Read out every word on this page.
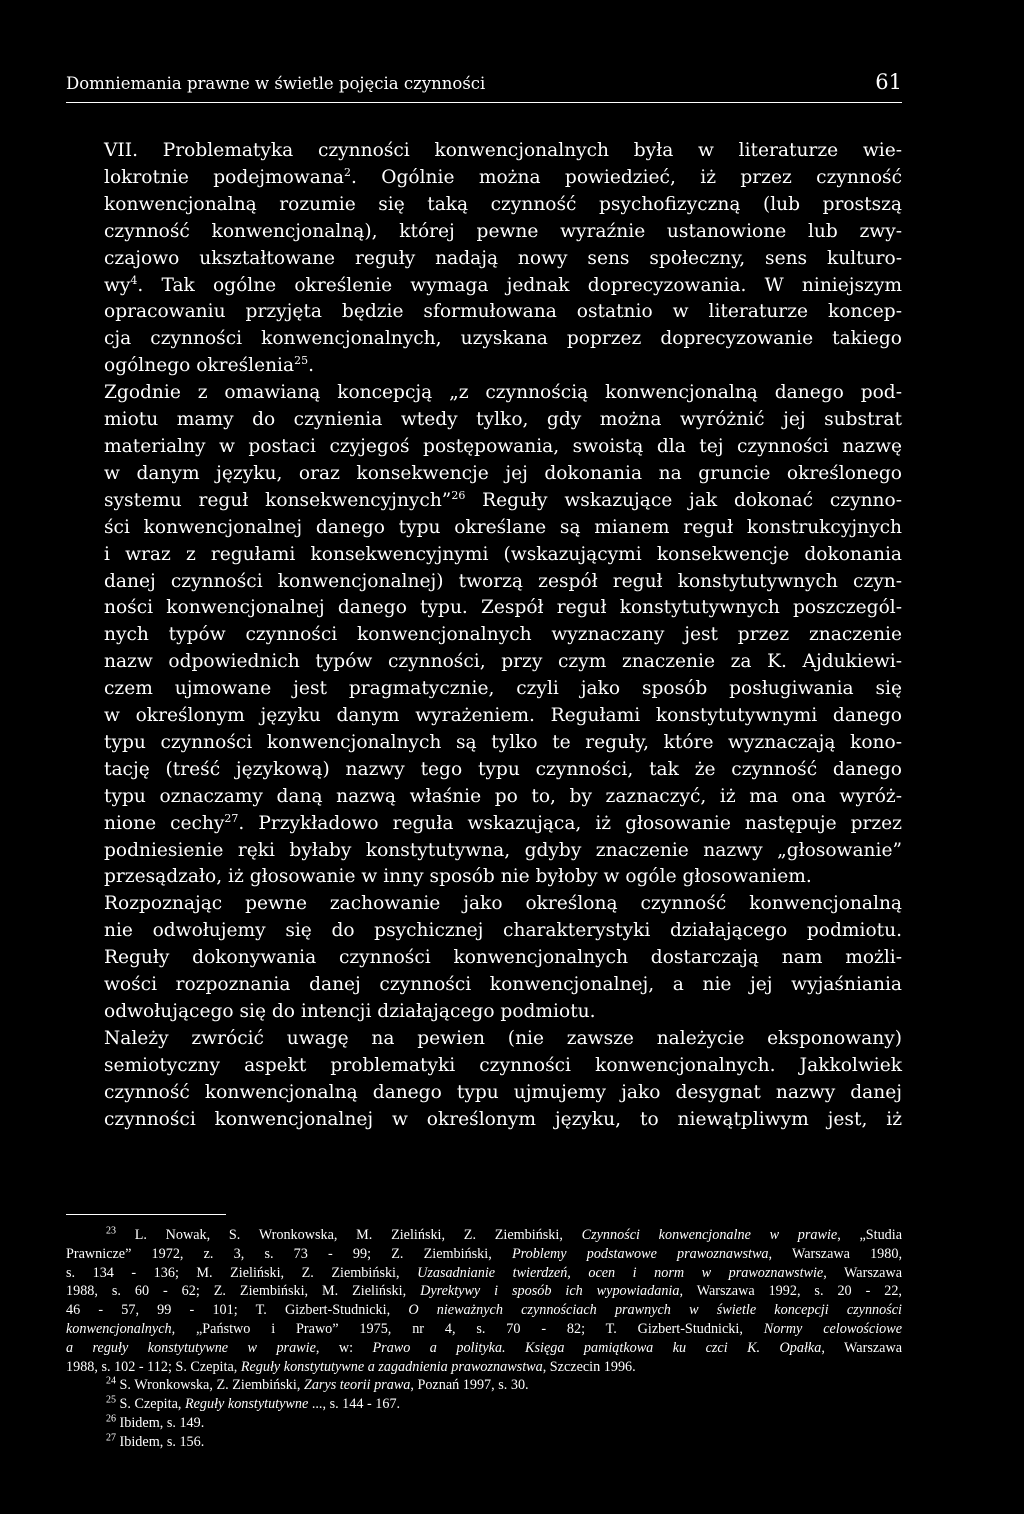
Domniemania prawne w świetle pojęcia czynności	61
VII. Problematyka czynności konwencjonalnych była w literaturze wie-
lokrotnie podejmowana$^2$. Ogólnie można powiedzieć, iż przez czynność
konwencjonalną rozumie się taką czynność psychofizyczną (lub prostszą
czynność konwencjonalną), której pewne wyraźnie ustanowione lub zwy-
czajowo ukształtowane reguły nadają nowy sens społeczny, sens kulturo-
$wy^4$. Tak ogólne określenie wymaga jednak doprecyzowania. W niniejszym
opracowaniu przyjęta będzie sformułowana ostatnio w literaturze koncep-
cja czynności konwencjonalnych, uzyskana poprzez doprecyzowanie takiego
ogólnego określenia$^{25}$.
Zgodnie z omawianą koncepcją „z czynnością konwencjonalną danego pod-
miotu mamy do czynienia wtedy tylko, gdy można wyróżnić jej substrat
materialny w postaci czyjegoś postępowania, swoistą dla tej czynności nazwę
w danym języku, oraz konsekwencje jej dokonania na gruncie określonego
systemu reguł konsekwencyjnych”$^{26}$ Reguły wskazujące jak dokonać czynno-
ści konwencjonalnej danego typu określane są mianem reguł konstrukcyjnych
i wraz z regułami konsekwencyjnymi (wskazującymi konsekwencje dokonania
danej czynności konwencjonalnej) tworzą zespół reguł konstytutywnych czyn-
ności konwencjonalnej danego typu. Zespół reguł konstytutywnych poszczegól-
nych typów czynności konwencjonalnych wyznaczany jest przez znaczenie
nazw odpowiednich typów czynności, przy czym znaczenie za K. Ajdukiewi-
czem ujmowane jest pragmatycznie, czyli jako sposób posługiwania się
w określonym języku danym wyrażeniem. Regułami konstytutywnymi danego
typu czynności konwencjonalnych są tylko te reguły, które wyznaczają kono-
tację (treść językową) nazwy tego typu czynności, tak że czynność danego
typu oznaczamy daną nazwą właśnie po to, by zaznaczyć, iż ma ona wyróż-
nione cechy$^{27}$. Przykładowo reguła wskazująca, iż głosowanie następuje przez
podniesienie ręki byłaby konstytutywna, gdyby znaczenie nazwy „głosowanie”
przesądzało, iż głosowanie w inny sposób nie byłoby w ogóle głosowaniem.
Rozpoznając pewne zachowanie jako określoną czynność konwencjonalną
nie odwołujemy się do psychicznej charakterystyki działającego podmiotu.
Reguły dokonywania czynności konwencjonalnych dostarczają nam możli-
wości rozpoznania danej czynności konwencjonalnej, a nie jej wyjaśniania
odwołującego się do intencji działającego podmiotu.
Należy zwrócić uwagę na pewien (nie zawsze należycie eksponowany)
semiotyczny aspekt problematyki czynności konwencjonalnych. Jakkolwiek
czynność konwencjonalną danego typu ujmujemy jako desygnat nazwy danej
czynności konwencjonalnej w określonym języku, to niewątpliwym jest, iż
$^{23}$ L. Nowak, S. Wronkowska, M. Zieliński, Z. Ziembiński, Czynności konwencjonalne w prawie, „Studia
Prawnicze” 1972, z. 3, s. 73 - 99; Z. Ziembiński, Problemy podstawowe prawoznawstwa, Warszawa 1980,
s. 134 - 136; M. Zieliński, Z. Ziembiński, Uzasadnianie twierdzeń, ocen i norm w prawoznawstwie, Warszawa
1988, s. 60 - 62; Z. Ziembiński, M. Zieliński, Dyrektywy i sposób ich wypowiadania, Warszawa 1992, s. 20 - 22,
46 - 57, 99 - 101; T. Gizbert-Studnicki, O nieważnych czynnościach prawnych w świetle koncepcji czynności
konwencjonalnych, „Państwo i Prawo” 1975, nr 4, s. 70 - 82; T. Gizbert-Studnicki, Normy celowościowe
a reguły konstytutywne w prawie, w: Prawo a polityka. Księga pamiątkowa ku czci K. Opałka, Warszawa
1988, s. 102 - 112; S. Czepita, Reguły konstytutywne a zagadnienia prawoznawstwa, Szczecin 1996.
$^{24}$ S. Wronkowska, Z. Ziembiński, Zarys teorii prawa, Poznań 1997, s. 30.
$^{25}$ S. Czepita, Reguły konstytutywne ..., s. 144 - 167.
$^{26}$ Ibidem, s. 149.
$^{27}$ Ibidem, s. 156.
